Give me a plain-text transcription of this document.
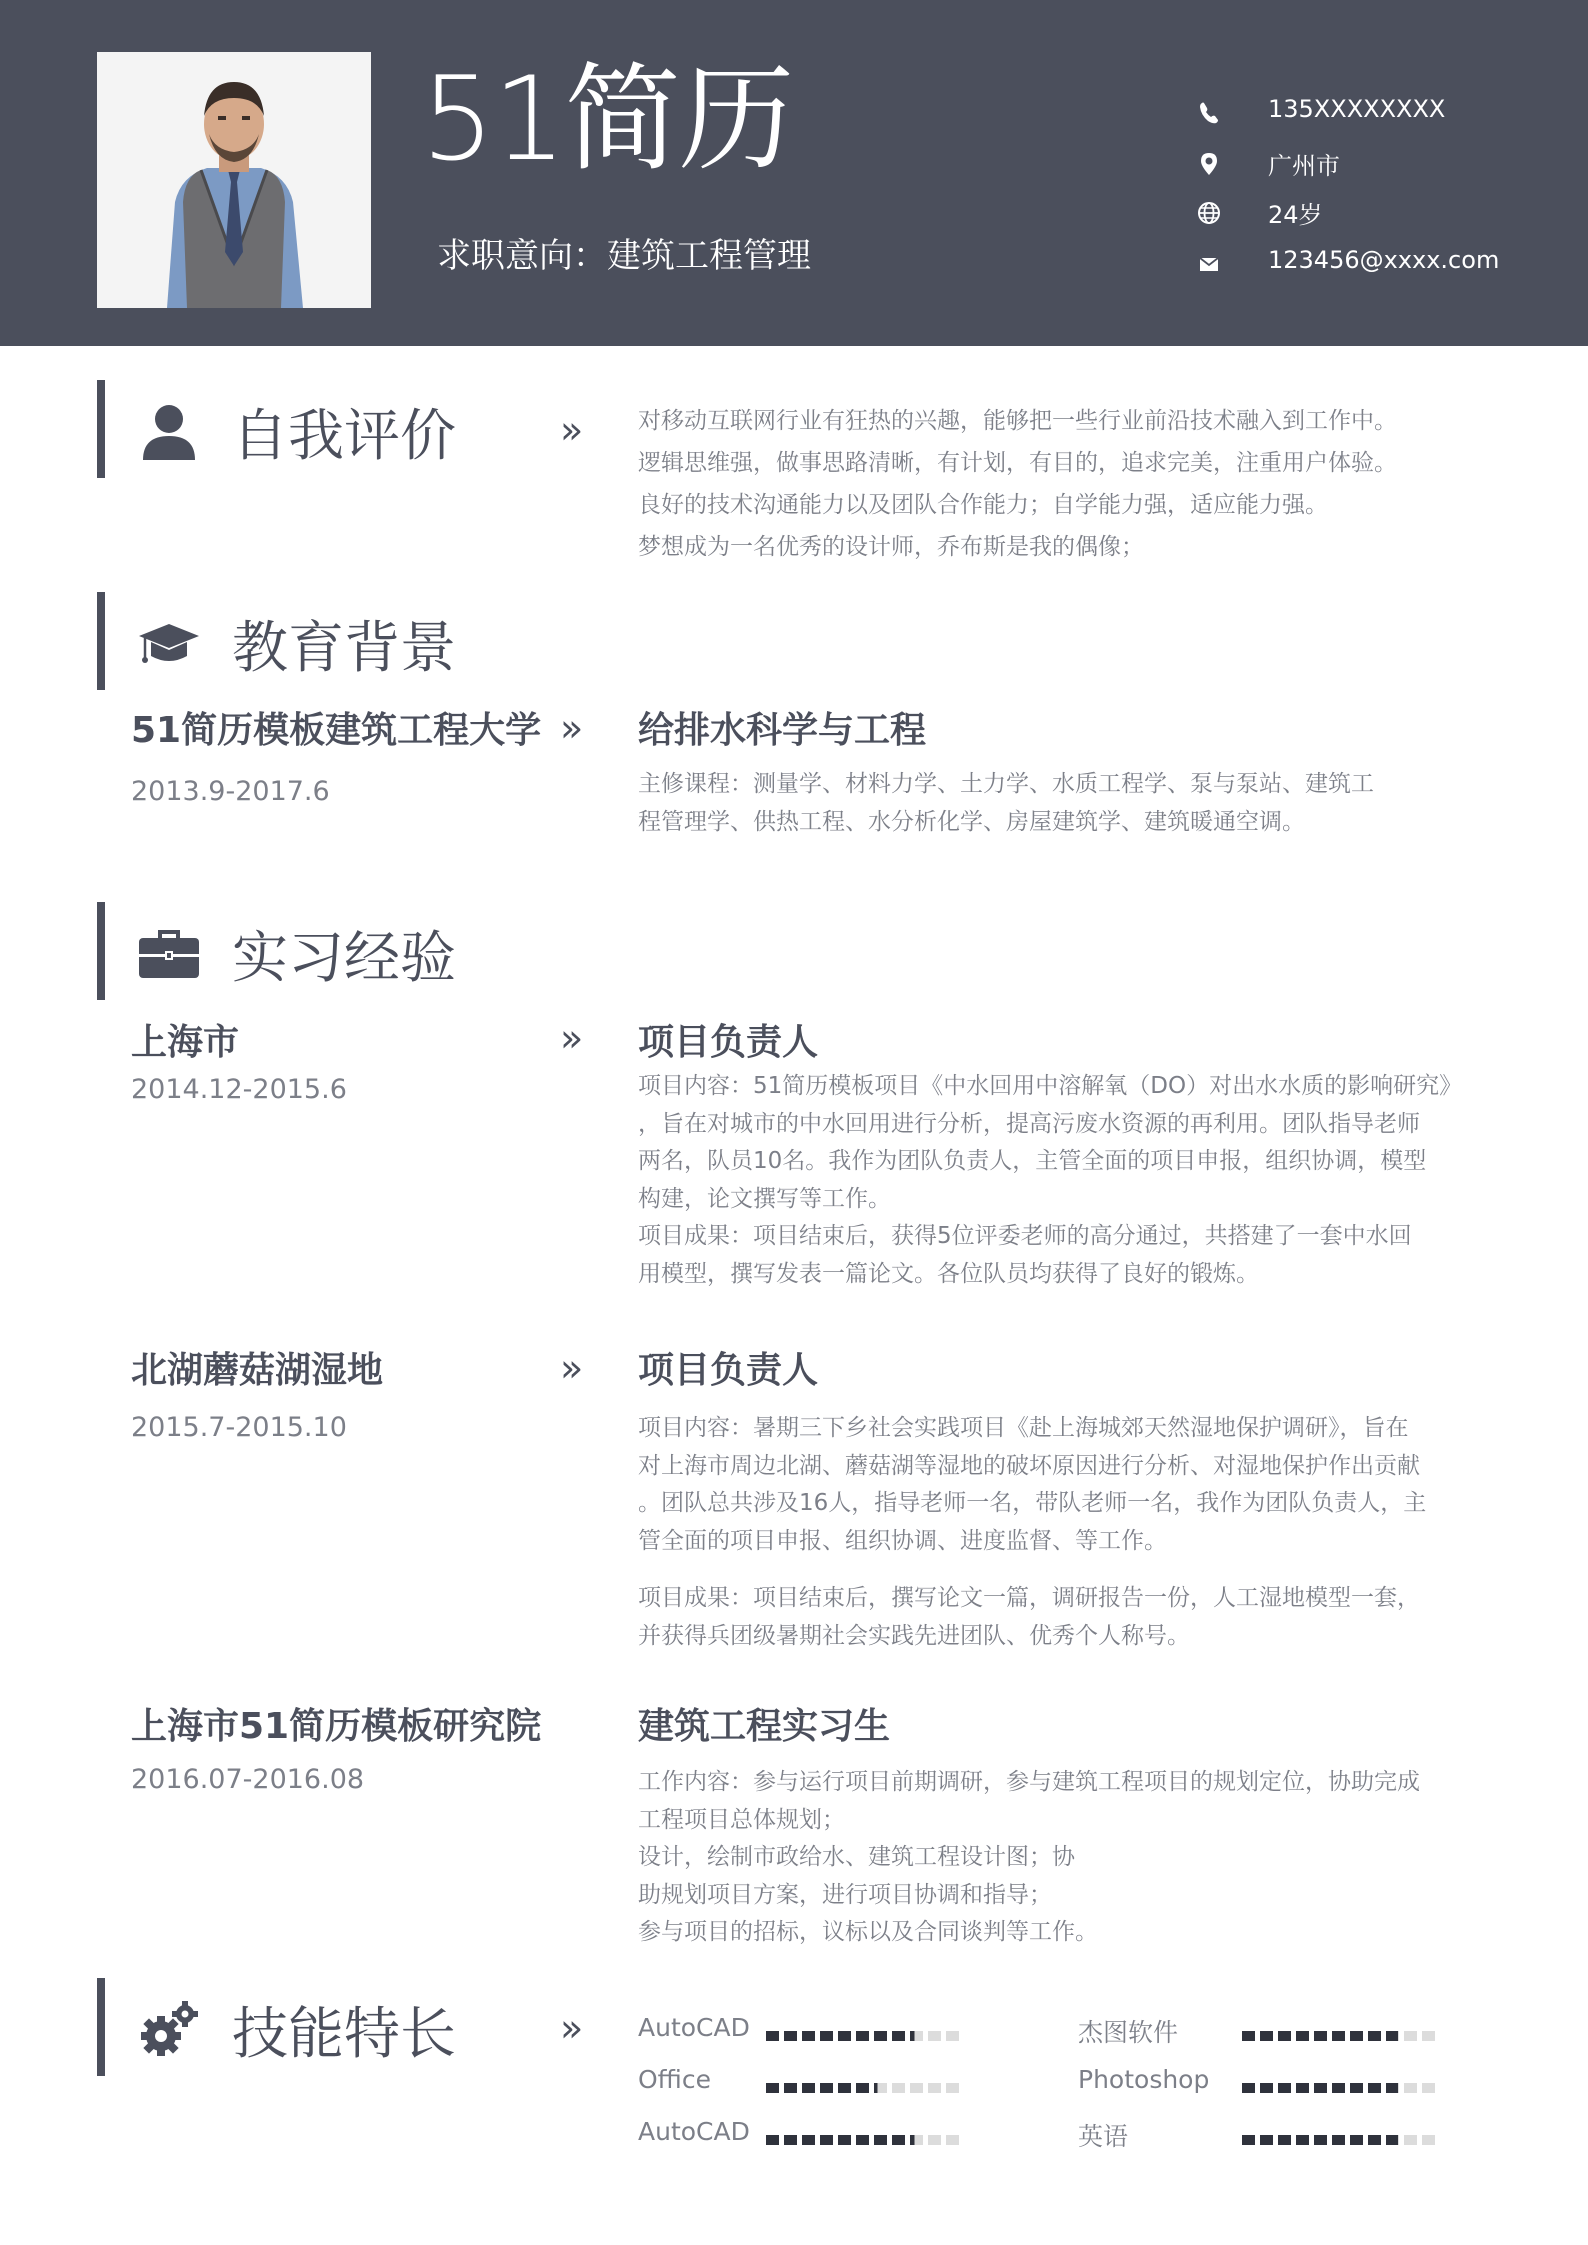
51简历
求职意向：建筑工程管理
135XXXXXXXX
广州市
24岁
123456@xxxx.com
自我评价	»	对移动互联网行业有狂热的兴趣，能够把一些行业前沿技术融入到工作中。
逻辑思维强，做事思路清晰，有计划，有目的，追求完美，注重用户体验。
良好的技术沟通能力以及团队合作能力；自学能力强，适应能力强。
梦想成为一名优秀的设计师，乔布斯是我的偶像；
教育背景
51简历模板建筑工程大学 »
2013.9-2017.6
给排水科学与工程
主修课程：测量学、材料力学、土力学、水质工程学、泵与泵站、建筑工
程管理学、供热工程、水分析化学、房屋建筑学、建筑暖通空调。
实习经验
上海市	»
2014.12-2015.6
项目负责人
项目内容：51简历模板项目《中水回用中溶解氧（DO）对出水水质的影响研究》
，旨在对城市的中水回用进行分析，提高污废水资源的再利用。团队指导老师
两名，队员10名。我作为团队负责人，主管全面的项目申报，组织协调，模型
构建，论文撰写等工作。
项目成果：项目结束后，获得5位评委老师的高分通过，共搭建了一套中水回
用模型，撰写发表一篇论文。各位队员均获得了良好的锻炼。
北湖蘑菇湖湿地	»
2015.7-2015.10
项目负责人
项目内容：暑期三下乡社会实践项目《赴上海城郊天然湿地保护调研》，旨在
对上海市周边北湖、蘑菇湖等湿地的破坏原因进行分析、对湿地保护作出贡献
。团队总共涉及16人，指导老师一名，带队老师一名，我作为团队负责人，主
管全面的项目申报、组织协调、进度监督、等工作。
项目成果：项目结束后，撰写论文一篇，调研报告一份，人工湿地模型一套，
并获得兵团级暑期社会实践先进团队、优秀个人称号。
上海市51简历模板研究院
2016.07-2016.08
建筑工程实习生
工作内容：参与运行项目前期调研，参与建筑工程项目的规划定位，协助完成
工程项目总体规划；
设计，绘制市政给水、建筑工程设计图；协
助规划项目方案，进行项目协调和指导；
参与项目的招标，议标以及合同谈判等工作。
技能特长	»	AutoCAD	杰图软件
Office	Photoshop
AutoCAD	英语
